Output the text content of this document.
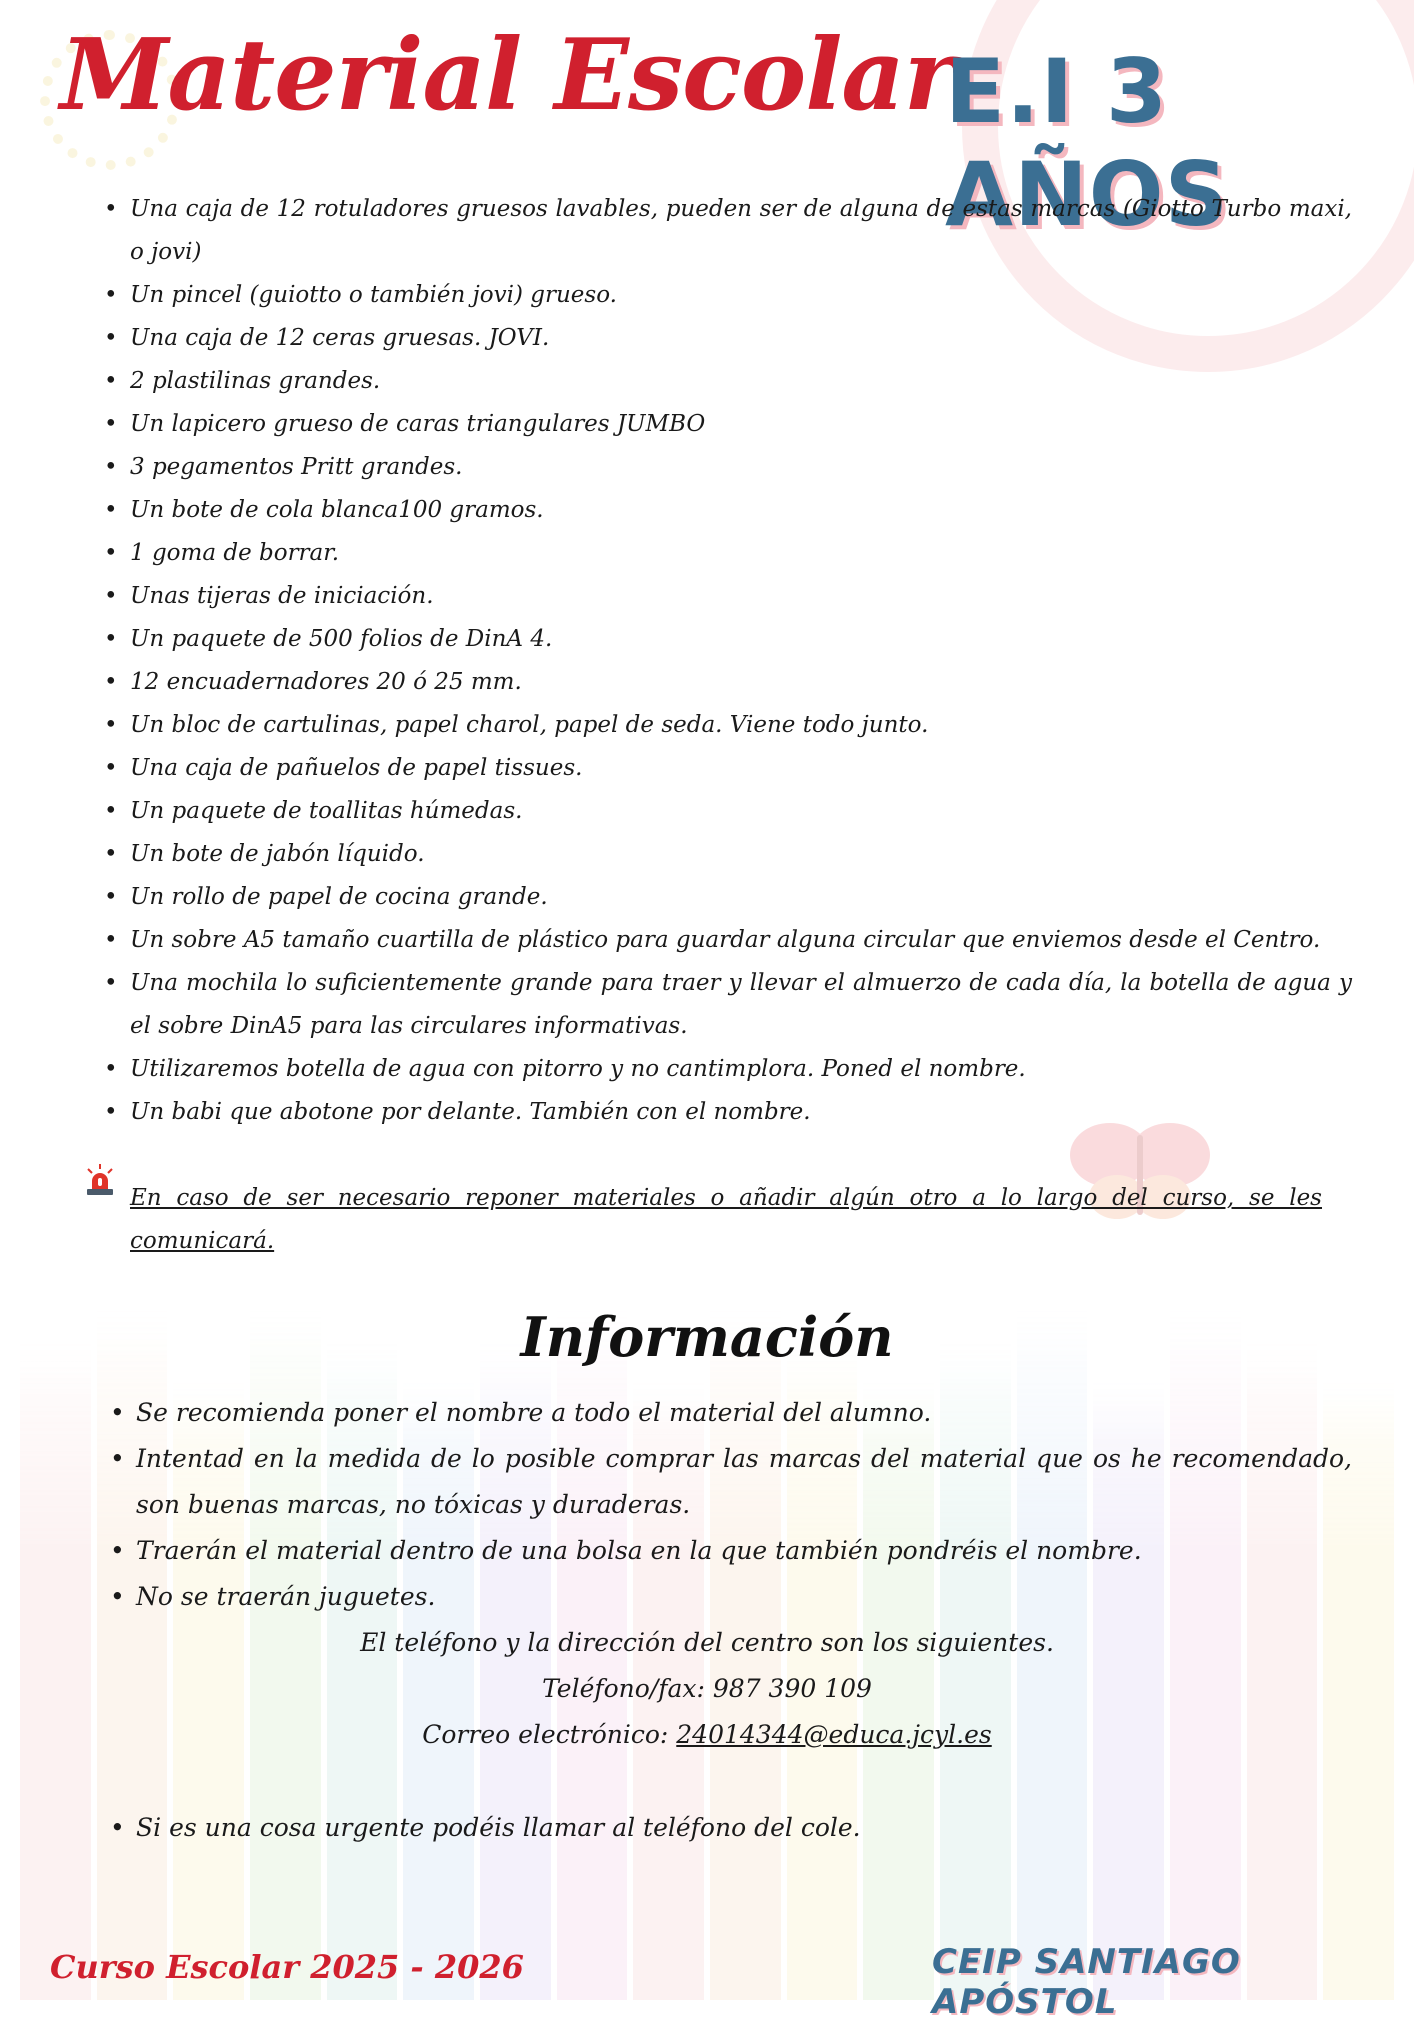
Material Escolar
E.I 3 AÑOS
• Una caja de 12 rotuladores gruesos lavables, pueden ser de alguna de estas marcas (Giotto Turbo maxi, o jovi)
• Un pincel (guiotto o también jovi) grueso.
• Una caja de 12 ceras gruesas. JOVI.
• 2 plastilinas grandes.
• Un lapicero grueso de caras triangulares JUMBO
• 3 pegamentos Pritt grandes.
• Un bote de cola blanca100 gramos.
• 1 goma de borrar.
• Unas tijeras de iniciación.
• Un paquete de 500 folios de DinA 4.
• 12 encuadernadores 20 ó 25 mm.
• Un bloc de cartulinas, papel charol, papel de seda. Viene todo junto.
• Una caja de pañuelos de papel tissues.
• Un paquete de toallitas húmedas.
• Un bote de jabón líquido.
• Un rollo de papel de cocina grande.
• Un sobre A5 tamaño cuartilla de plástico para guardar alguna circular que enviemos desde el Centro.
• Una mochila lo suficientemente grande para traer y llevar el almuerzo de cada día, la botella de agua y el sobre DinA5 para las circulares informativas.
• Utilizaremos botella de agua con pitorro y no cantimplora. Poned el nombre.
• Un babi que abotone por delante. También con el nombre.

En caso de ser necesario reponer materiales o añadir algún otro a lo largo del curso, se les comunicará.

Información
• Se recomienda poner el nombre a todo el material del alumno.
• Intentad en la medida de lo posible comprar las marcas del material que os he recomendado, son buenas marcas, no tóxicas y duraderas.
• Traerán el material dentro de una bolsa en la que también pondréis el nombre.
• No se traerán juguetes.
El teléfono y la dirección del centro son los siguientes.
Teléfono/fax: 987 390 109
Correo electrónico: 24014344@educa.jcyl.es
• Si es una cosa urgente podéis llamar al teléfono del cole.
Curso Escolar 2025 - 2026	CEIP SANTIAGO APÓSTOL
